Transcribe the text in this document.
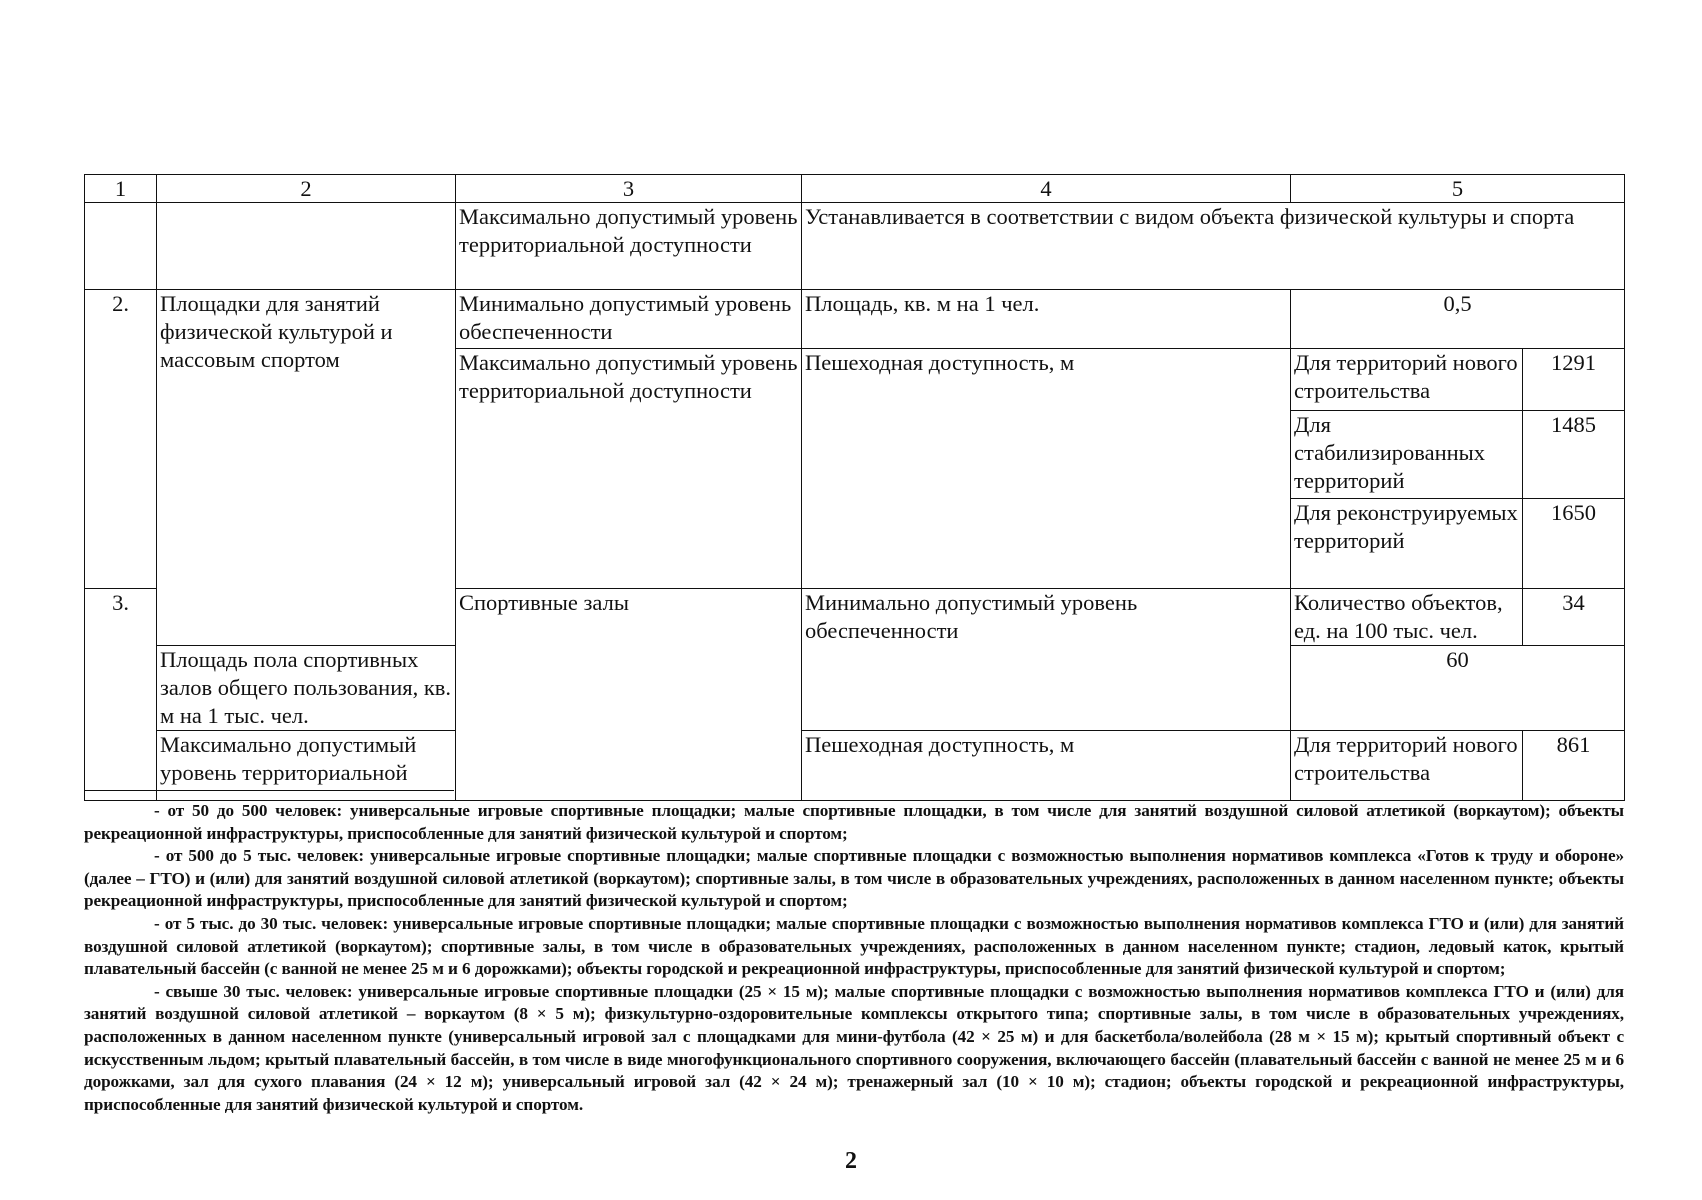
1	2	3	4	5	
		Максимально допустимый уровень территориальной доступности	Устанавливается в соответствии с видом объекта физической культуры и спорта		
2.	Площадки для занятий физической культурой и массовым спортом	Минимально допустимый уровень обеспеченности	Площадь, кв. м на 1 чел.	0,5	
		Максимально допустимый уровень территориальной доступности	Пешеходная доступность, м	Для территорий нового строительства	1291
				Для стабилизированных территорий	1485
				Для реконструируемых территорий	1650
3.		Спортивные залы	Минимально допустимый уровень обеспеченности	Количество объектов, ед. на 100 тыс. чел.	34
	Площадь пола спортивных залов общего пользования, кв. м на 1 тыс. чел.			60	
	Максимально допустимый уровень территориальной		Пешеходная доступность, м	Для территорий нового строительства	861

- от 50 до 500 человек: универсальные игровые спортивные площадки; малые спортивные площадки, в том числе для занятий воздушной силовой атлетикой (воркаутом); объекты рекреационной инфраструктуры, приспособленные для занятий физической культурой и спортом;

- от 500 до 5 тыс. человек: универсальные игровые спортивные площадки; малые спортивные площадки с возможностью выполнения нормативов комплекса «Готов к труду и обороне» (далее – ГТО) и (или) для занятий воздушной силовой атлетикой (воркаутом); спортивные залы, в том числе в образовательных учреждениях, расположенных в данном населенном пункте; объекты рекреационной инфраструктуры, приспособленные для занятий физической культурой и спортом;

- от 5 тыс. до 30 тыс. человек: универсальные игровые спортивные площадки; малые спортивные площадки с возможностью выполнения нормативов комплекса ГТО и (или) для занятий воздушной силовой атлетикой (воркаутом); спортивные залы, в том числе в образовательных учреждениях, расположенных в данном населенном пункте; стадион, ледовый каток, крытый плавательный бассейн (с ванной не менее 25 м и 6 дорожками); объекты городской и рекреационной инфраструктуры, приспособленные для занятий физической культурой и спортом;

- свыше 30 тыс. человек: универсальные игровые спортивные площадки (25 × 15 м); малые спортивные площадки с возможностью выполнения нормативов комплекса ГТО и (или) для занятий воздушной силовой атлетикой – воркаутом (8 × 5 м); физкультурно-оздоровительные комплексы открытого типа; спортивные залы, в том числе в образовательных учреждениях, расположенных в данном населенном пункте (универсальный игровой зал с площадками для мини-футбола (42 × 25 м) и для баскетбола/волейбола (28 м × 15 м); крытый спортивный объект с искусственным льдом; крытый плавательный бассейн, в том числе в виде многофункционального спортивного сооружения, включающего бассейн (плавательный бассейн с ванной не менее 25 м и 6 дорожками, зал для сухого плавания (24 × 12 м); универсальный игровой зал (42 × 24 м); тренажерный зал (10 × 10 м); стадион; объекты городской и рекреационной инфраструктуры, приспособленные для занятий физической культурой и спортом.

2
